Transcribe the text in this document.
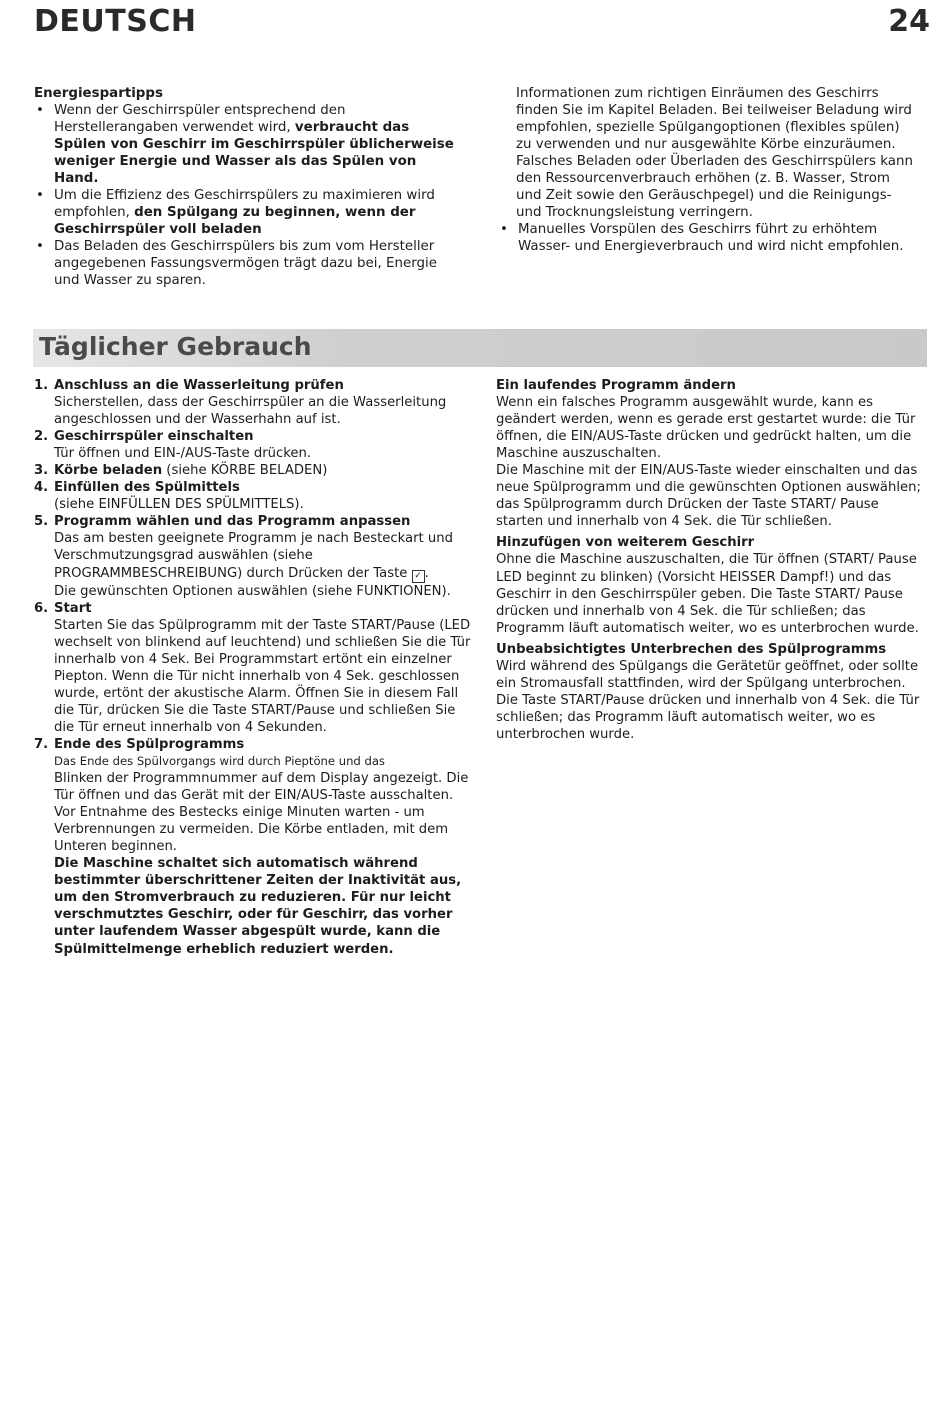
DEUTSCH	24

Energiespartipps

• Wenn der Geschirrspüler entsprechend den Herstellerangaben verwendet wird, verbraucht das Spülen von Geschirr im Geschirrspüler üblicherweise weniger Energie und Wasser als das Spülen von Hand.
• Um die Effizienz des Geschirrspülers zu maximieren wird empfohlen, den Spülgang zu beginnen, wenn der Geschirrspüler voll beladen
• Das Beladen des Geschirrspülers bis zum vom Hersteller angegebenen Fassungsvermögen trägt dazu bei, Energie und Wasser zu sparen.

Informationen zum richtigen Einräumen des Geschirrs finden Sie im Kapitel Beladen. Bei teilweiser Beladung wird empfohlen, spezielle Spülgangoptionen (flexibles spülen) zu verwenden und nur ausgewählte Körbe einzuräumen. Falsches Beladen oder Überladen des Geschirrspülers kann den Ressourcenverbrauch erhöhen (z. B. Wasser, Strom und Zeit sowie den Geräuschpegel) und die Reinigungs- und Trocknungsleistung verringern.

• Manuelles Vorspülen des Geschirrs führt zu erhöhtem Wasser- und Energieverbrauch und wird nicht empfohlen.
Täglicher Gebrauch
1. Anschluss an die Wasserleitung prüfen

Sicherstellen, dass der Geschirrspüler an die Wasserleitung angeschlossen und der Wasserhahn auf ist.

2. Geschirrspüler einschalten

Tür öffnen und EIN-/AUS-Taste drücken.

3. Körbe beladen (siehe KÖRBE BELADEN)

4. Einfüllen des Spülmittels

(siehe EINFÜLLEN DES SPÜLMITTELS).

5. Programm wählen und das Programm anpassen

Das am besten geeignete Programm je nach Besteckart und Verschmutzungsgrad auswählen (siehe PROGRAMMBESCHREIBUNG) durch Drücken der Taste ✓ .

Die gewünschten Optionen auswählen (siehe FUNKTIONEN).

6. Start

Starten Sie das Spülprogramm mit der Taste START/Pause (LED wechselt von blinkend auf leuchtend) und schließen Sie die Tür innerhalb von 4 Sek. Bei Programmstart ertönt ein einzelner Piepton. Wenn die Tür nicht innerhalb von 4 Sek. geschlossen wurde, ertönt der akustische Alarm. Öffnen Sie in diesem Fall die Tür, drücken Sie die Taste START/Pause und schließen Sie die Tür erneut innerhalb von 4 Sekunden.

7. Ende des Spülprogramms

Das Ende des Spülvorgangs wird durch Pieptöne und das

Blinken der Programmnummer auf dem Display angezeigt. Die Tür öffnen und das Gerät mit der EIN/AUS-Taste ausschalten.

Vor Entnahme des Bestecks einige Minuten warten - um Verbrennungen zu vermeiden. Die Körbe entladen, mit dem Unteren beginnen.

Die Maschine schaltet sich automatisch während bestimmter überschrittener Zeiten der Inaktivität aus, um den Stromverbrauch zu reduzieren. Für nur leicht verschmutztes Geschirr, oder für Geschirr, das vorher unter laufendem Wasser abgespült wurde, kann die Spülmittelmenge erheblich reduziert werden.

Ein laufendes Programm ändern

Wenn ein falsches Programm ausgewählt wurde, kann es geändert werden, wenn es gerade erst gestartet wurde: die Tür öffnen, die EIN/AUS-Taste drücken und gedrückt halten, um die Maschine auszuschalten.

Die Maschine mit der EIN/AUS-Taste wieder einschalten und das neue Spülprogramm und die gewünschten Optionen auswählen; das Spülprogramm durch Drücken der Taste START/ Pause starten und innerhalb von 4 Sek. die Tür schließen.

Hinzufügen von weiterem Geschirr

Ohne die Maschine auszuschalten, die Tür öffnen (START/ Pause LED beginnt zu blinken) (Vorsicht HEISSER Dampf!) und das Geschirr in den Geschirrspüler geben. Die Taste START/ Pause drücken und innerhalb von 4 Sek. die Tür schließen; das Programm läuft automatisch weiter, wo es unterbrochen wurde.

Unbeabsichtigtes Unterbrechen des Spülprogramms

Wird während des Spülgangs die Gerätetür geöffnet, oder sollte ein Stromausfall stattfinden, wird der Spülgang unterbrochen. Die Taste START/Pause drücken und innerhalb von 4 Sek. die Tür schließen; das Programm läuft automatisch weiter, wo es unterbrochen wurde.
